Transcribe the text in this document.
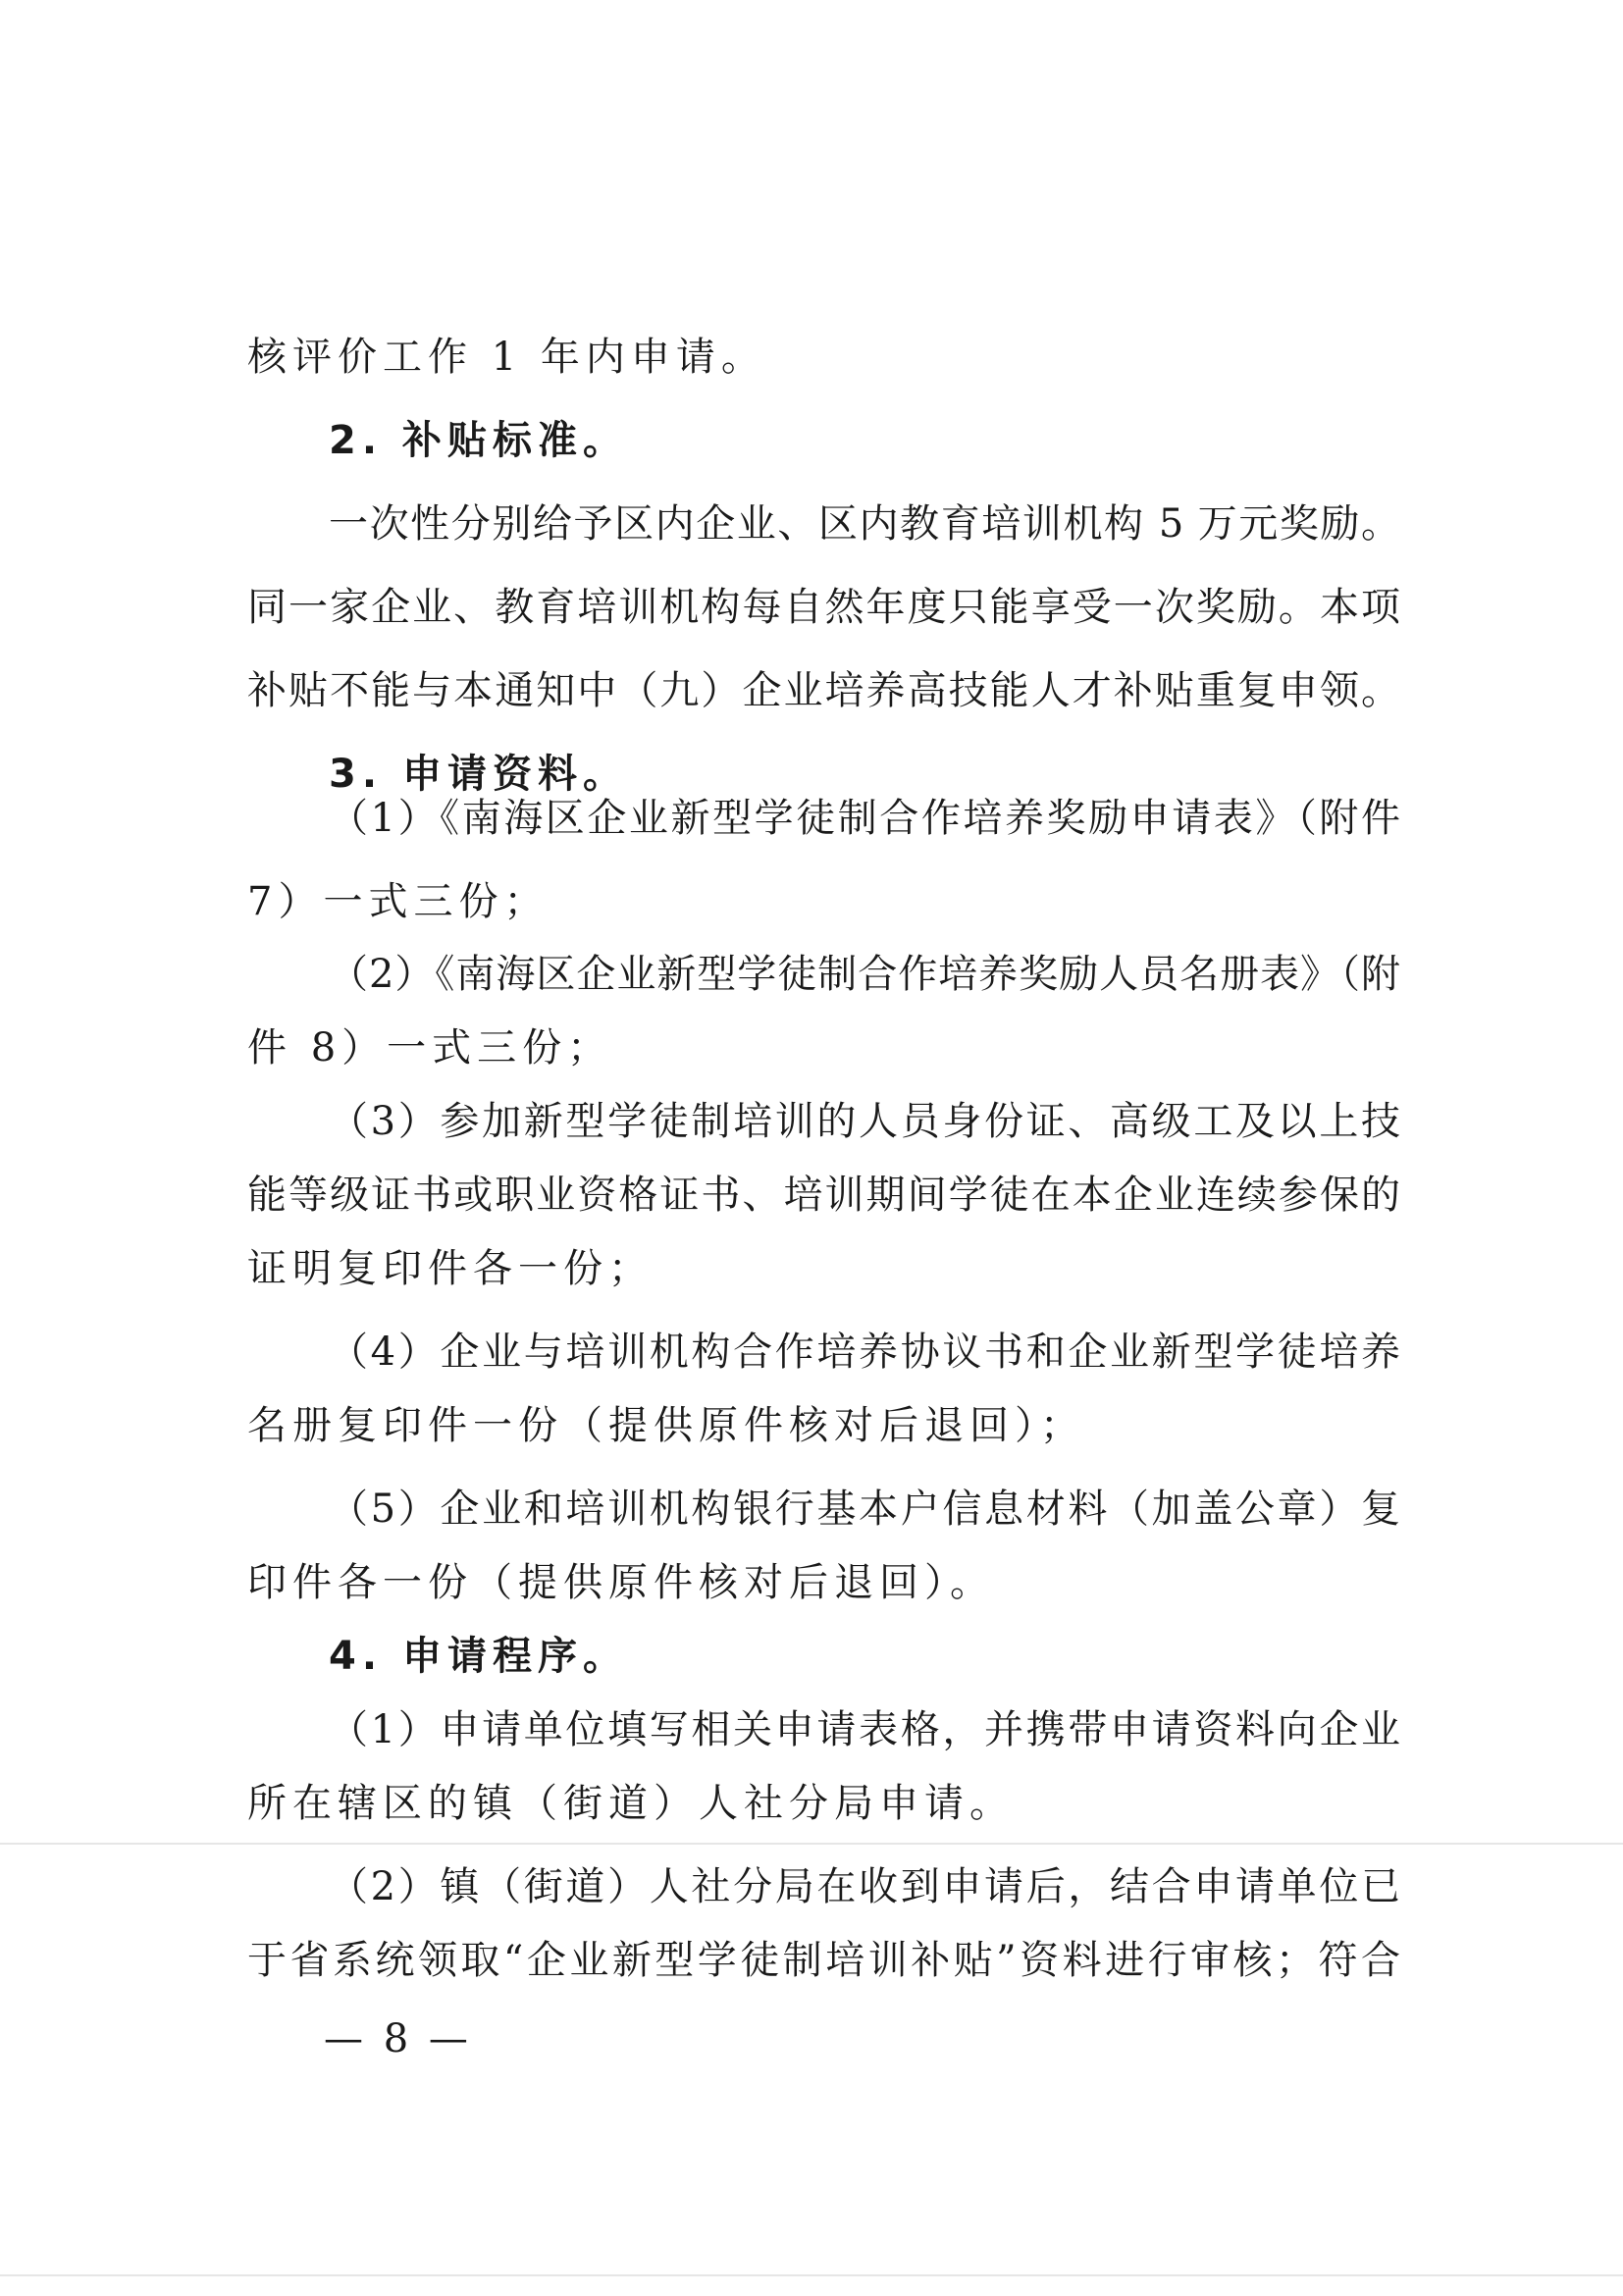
核评价工作 1 年内申请。
2. 补贴标准。
一次性分别给予区内企业、区内教育培训机构 5 万元奖励。
同一家企业、教育培训机构每自然年度只能享受一次奖励。本项
补贴不能与本通知中（九）企业培养高技能人才补贴重复申领。
3. 申请资料。
（1）《南海区企业新型学徒制合作培养奖励申请表》（附件
7）一式三份；
（2）《南海区企业新型学徒制合作培养奖励人员名册表》（附
件 8）一式三份；
（3）参加新型学徒制培训的人员身份证、高级工及以上技
能等级证书或职业资格证书、培训期间学徒在本企业连续参保的
证明复印件各一份；
（4）企业与培训机构合作培养协议书和企业新型学徒培养
名册复印件一份（提供原件核对后退回）；
（5）企业和培训机构银行基本户信息材料（加盖公章）复
印件各一份（提供原件核对后退回）。
4. 申请程序。
（1）申请单位填写相关申请表格，并携带申请资料向企业
所在辖区的镇（街道）人社分局申请。
（2）镇（街道）人社分局在收到申请后，结合申请单位已
于省系统领取“企业新型学徒制培训补贴”资料进行审核；符合
— 8 —
